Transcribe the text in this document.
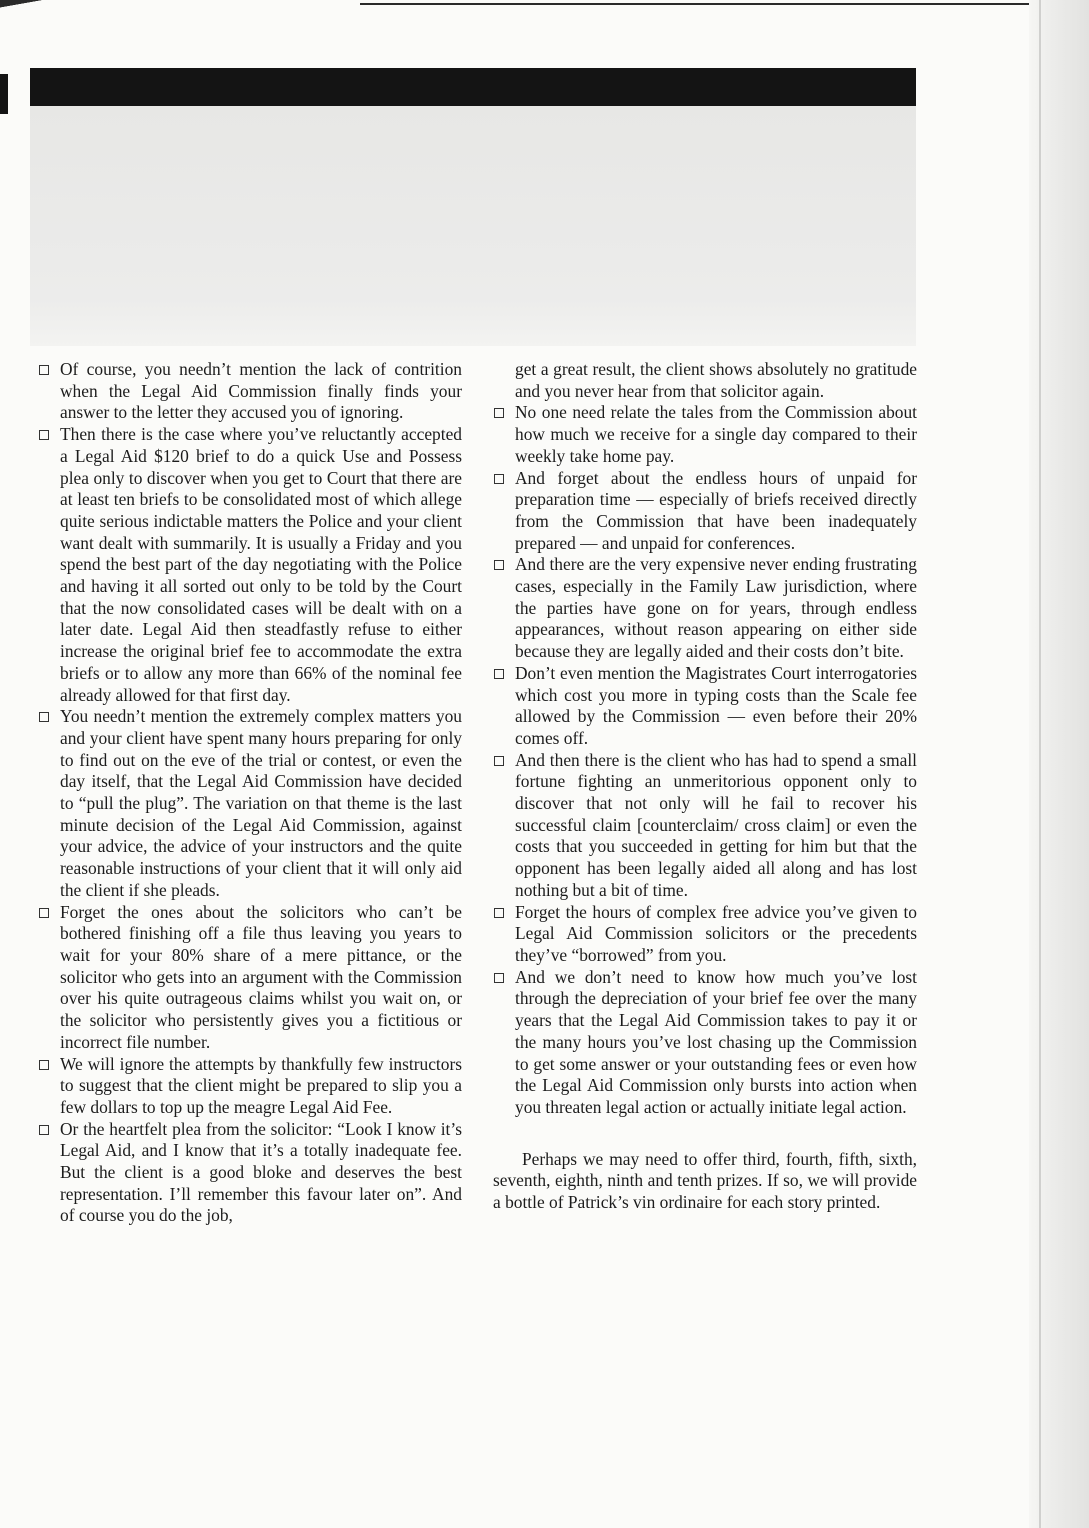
Of course, you needn’t mention the lack of contrition when the Legal Aid Commission finally finds your answer to the letter they accused you of ignoring.

Then there is the case where you’ve reluctantly accepted a Legal Aid $120 brief to do a quick Use and Possess plea only to discover when you get to Court that there are at least ten briefs to be consolidated most of which allege quite serious indictable matters the Police and your client want dealt with summarily. It is usually a Friday and you spend the best part of the day negotiating with the Police and having it all sorted out only to be told by the Court that the now consolidated cases will be dealt with on a later date. Legal Aid then steadfastly refuse to either increase the original brief fee to accommodate the extra briefs or to allow any more than 66% of the nominal fee already allowed for that first day.

You needn’t mention the extremely complex matters you and your client have spent many hours preparing for only to find out on the eve of the trial or contest, or even the day itself, that the Legal Aid Commission have decided to “pull the plug”. The variation on that theme is the last minute decision of the Legal Aid Commission, against your advice, the advice of your instructors and the quite reasonable instructions of your client that it will only aid the client if she pleads.

Forget the ones about the solicitors who can’t be bothered finishing off a file thus leaving you years to wait for your 80% share of a mere pittance, or the solicitor who gets into an argument with the Commission over his quite outrageous claims whilst you wait on, or the solicitor who persistently gives you a fictitious or incorrect file number.

We will ignore the attempts by thankfully few instructors to suggest that the client might be prepared to slip you a few dollars to top up the meagre Legal Aid Fee.

Or the heartfelt plea from the solicitor: “Look I know it’s Legal Aid, and I know that it’s a totally inadequate fee. But the client is a good bloke and deserves the best representation. I’ll remember this favour later on”. And of course you do the job,

get a great result, the client shows absolutely no gratitude and you never hear from that solicitor again.

No one need relate the tales from the Commission about how much we receive for a single day compared to their weekly take home pay.

And forget about the endless hours of unpaid for preparation time — especially of briefs received directly from the Commission that have been inadequately prepared — and unpaid for conferences.

And there are the very expensive never ending frustrating cases, especially in the Family Law jurisdiction, where the parties have gone on for years, through endless appearances, without reason appearing on either side because they are legally aided and their costs don’t bite.

Don’t even mention the Magistrates Court interrogatories which cost you more in typing costs than the Scale fee allowed by the Commission — even before their 20% comes off.

And then there is the client who has had to spend a small fortune fighting an unmeritorious opponent only to discover that not only will he fail to recover his successful claim [counterclaim/ cross claim] or even the costs that you succeeded in getting for him but that the opponent has been legally aided all along and has lost nothing but a bit of time.

Forget the hours of complex free advice you’ve given to Legal Aid Commission solicitors or the precedents they’ve “borrowed” from you.

And we don’t need to know how much you’ve lost through the depreciation of your brief fee over the many years that the Legal Aid Commission takes to pay it or the many hours you’ve lost chasing up the Commission to get some answer or your outstanding fees or even how the Legal Aid Commission only bursts into action when you threaten legal action or actually initiate legal action.

Perhaps we may need to offer third, fourth, fifth, sixth, seventh, eighth, ninth and tenth prizes. If so, we will provide a bottle of Patrick’s vin ordinaire for each story printed.
